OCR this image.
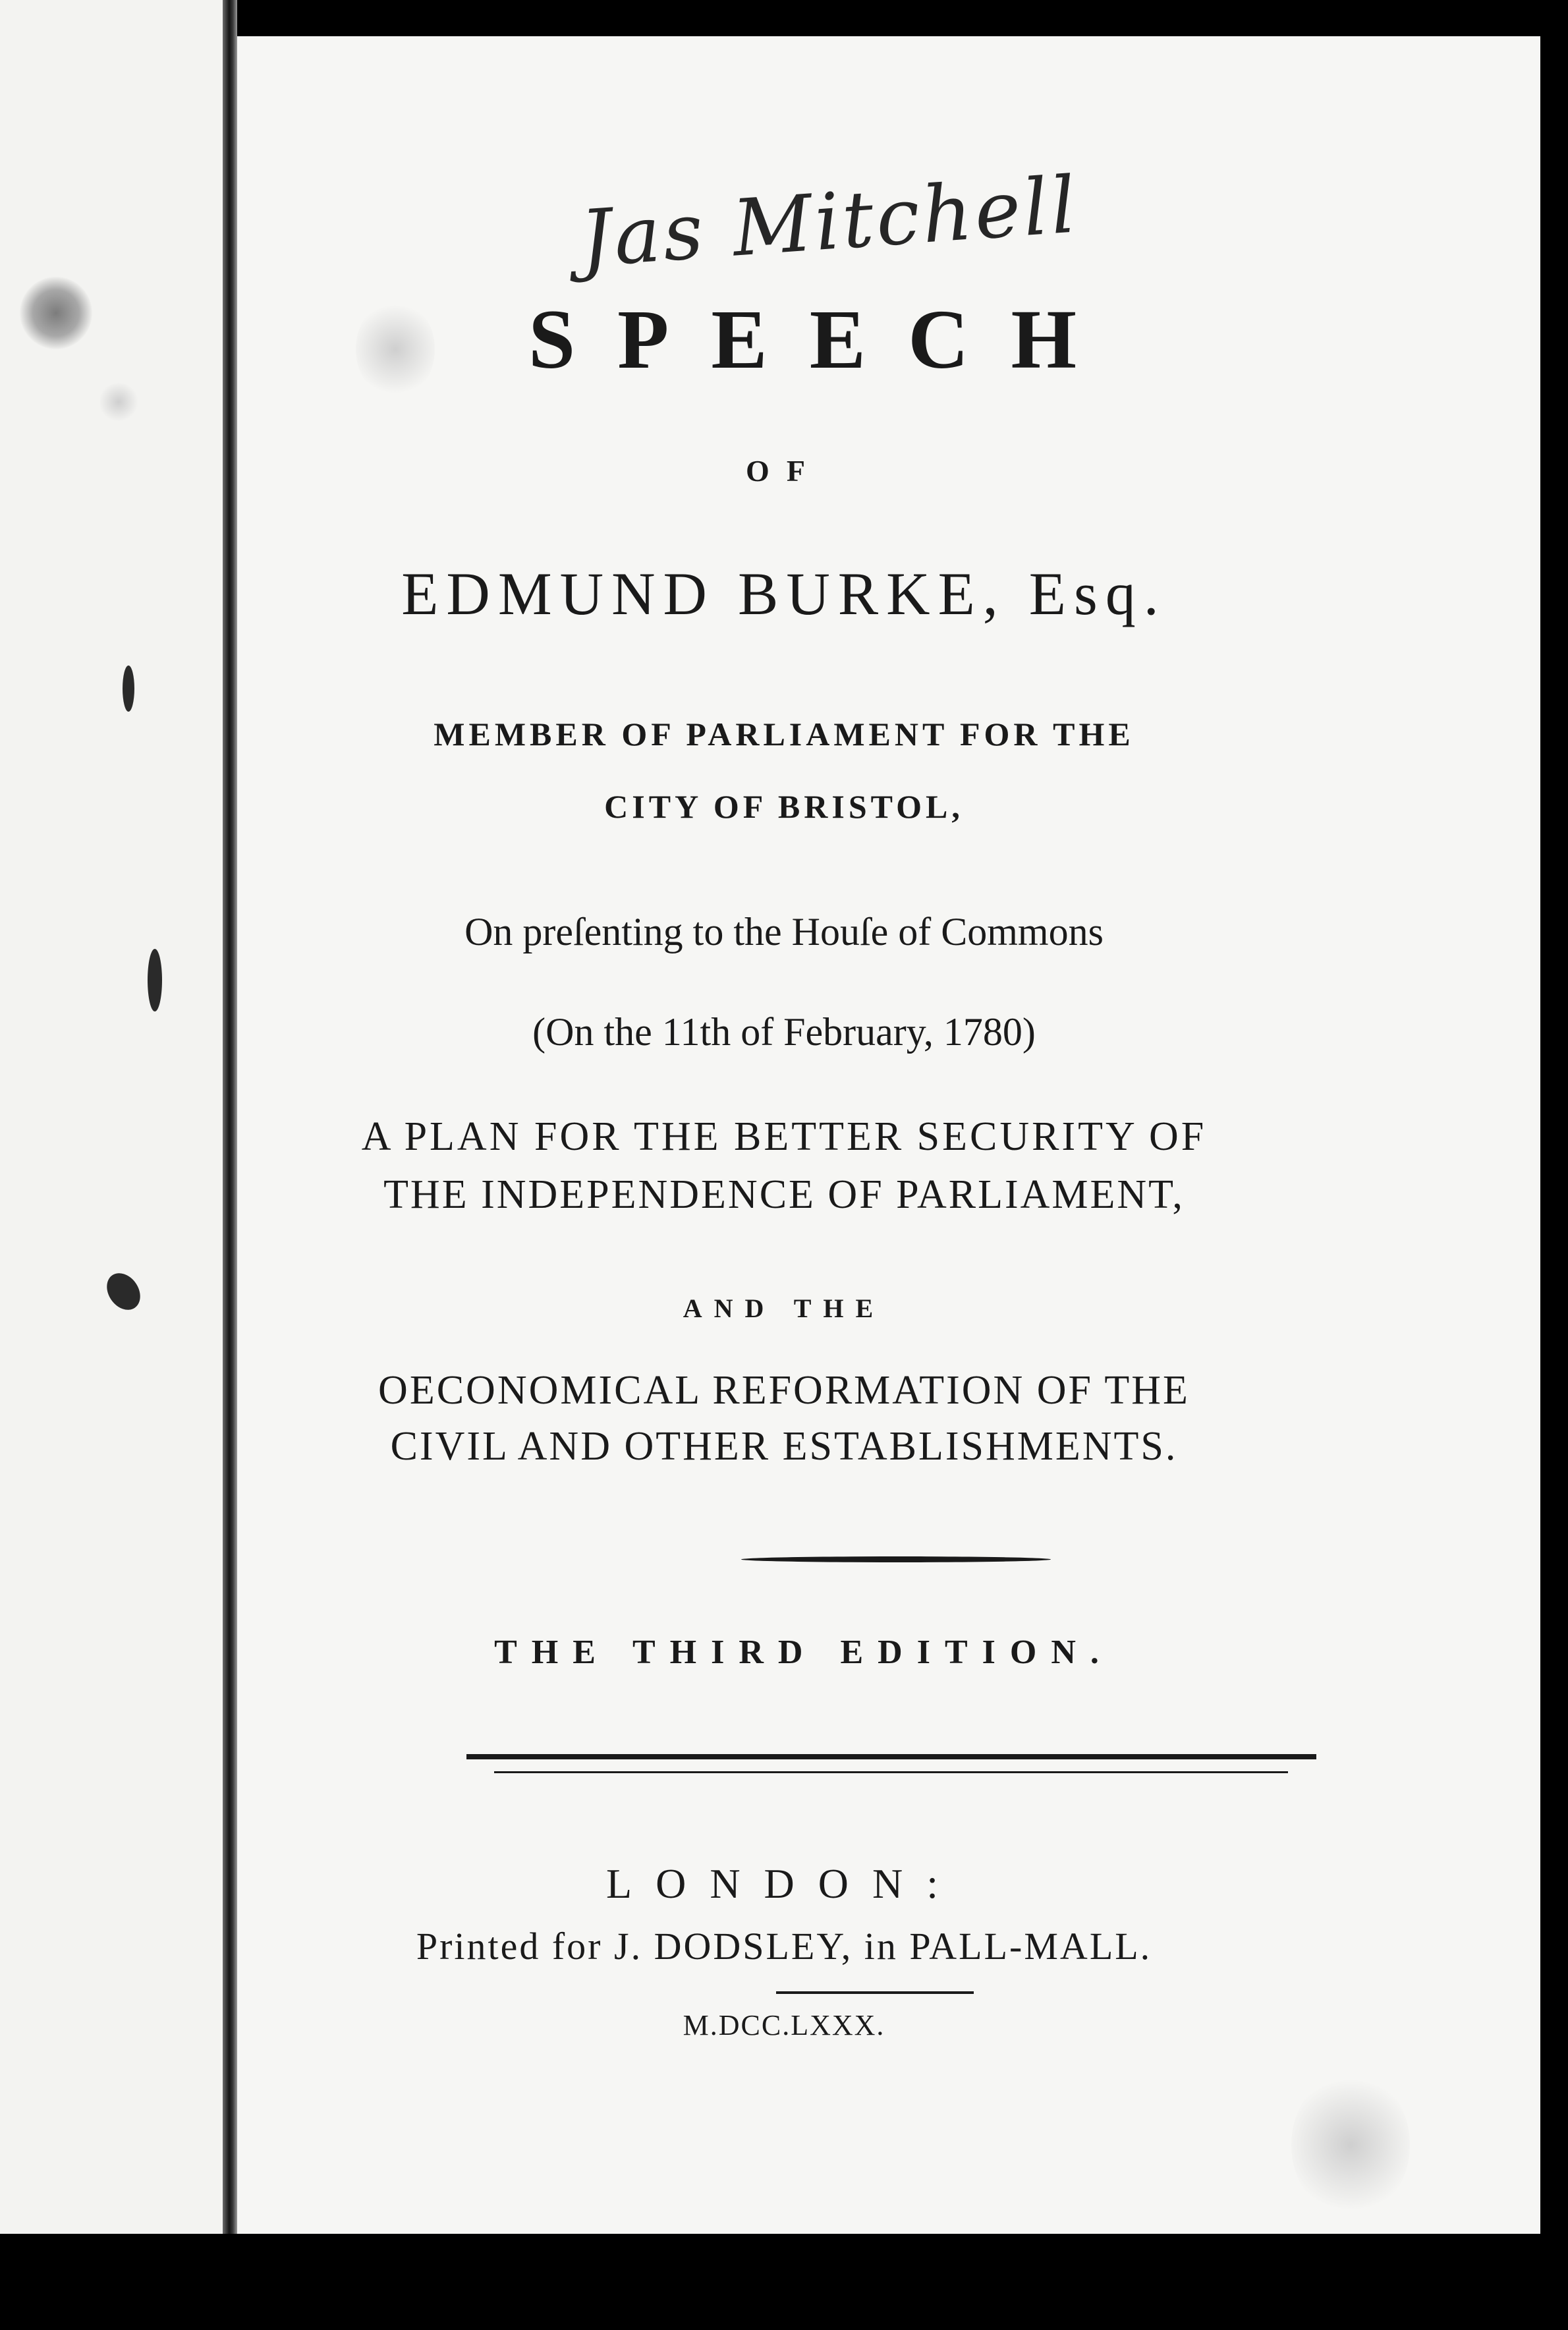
Jas Mitchell

SPEECH

OF

EDMUND BURKE, Esq.

MEMBER OF PARLIAMENT FOR THE

CITY OF BRISTOL,

On preſenting to the Houſe of Commons

(On the 11th of February, 1780)

A PLAN FOR THE BETTER SECURITY OF

THE INDEPENDENCE OF PARLIAMENT,

AND THE

OECONOMICAL REFORMATION OF THE

CIVIL AND OTHER ESTABLISHMENTS.

THE THIRD EDITION.

LONDON:

Printed for J. DODSLEY, in PALL-MALL.

M.DCC.LXXX.
